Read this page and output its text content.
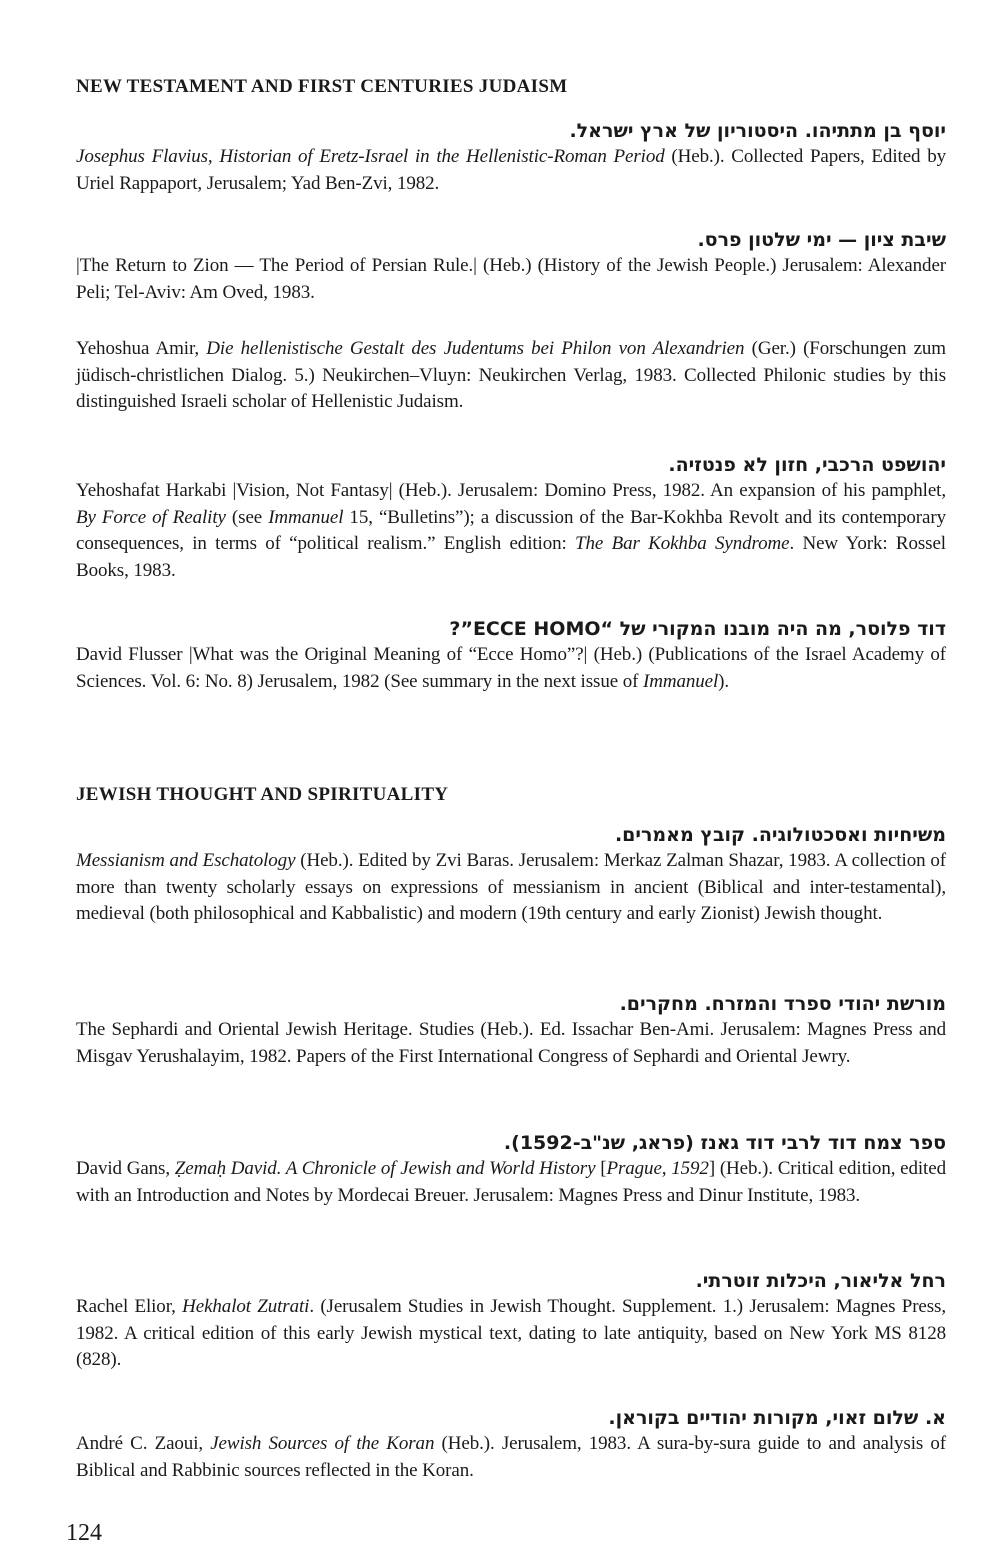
NEW TESTAMENT AND FIRST CENTURIES JUDAISM

יוסף בן מתתיהו. היסטוריון של ארץ ישראל.

Josephus Flavius, Historian of Eretz-Israel in the Hellenistic-Roman Period (Heb.). Collected Papers, Edited by Uriel Rappaport, Jerusalem; Yad Ben-Zvi, 1982.

שיבת ציון — ימי שלטון פרס.

|The Return to Zion — The Period of Persian Rule.| (Heb.) (History of the Jewish People.) Jerusalem: Alexander Peli; Tel-Aviv: Am Oved, 1983.

Yehoshua Amir, Die hellenistische Gestalt des Judentums bei Philon von Alexandrien (Ger.) (Forschungen zum jüdisch-christlichen Dialog. 5.) Neukirchen–Vluyn: Neukirchen Verlag, 1983. Collected Philonic studies by this distinguished Israeli scholar of Hellenistic Judaism.

יהושפט הרכבי, חזון לא פנטזיה.

Yehoshafat Harkabi |Vision, Not Fantasy| (Heb.). Jerusalem: Domino Press, 1982. An expansion of his pamphlet, By Force of Reality (see Immanuel 15, “Bulletins”); a discussion of the Bar-Kokhba Revolt and its contemporary consequences, in terms of “political realism.” English edition: The Bar Kokhba Syndrome. New York: Rossel Books, 1983.

דוד פלוסר, מה היה מובנו המקורי של “ECCE HOMO”?

David Flusser |What was the Original Meaning of “Ecce Homo”?| (Heb.) (Publications of the Israel Academy of Sciences. Vol. 6: No. 8) Jerusalem, 1982 (See summary in the next issue of Immanuel).

JEWISH THOUGHT AND SPIRITUALITY

משיחיות ואסכטולוגיה. קובץ מאמרים.

Messianism and Eschatology (Heb.). Edited by Zvi Baras. Jerusalem: Merkaz Zalman Shazar, 1983. A collection of more than twenty scholarly essays on expressions of messianism in ancient (Biblical and inter-testamental), medieval (both philosophical and Kabbalistic) and modern (19th century and early Zionist) Jewish thought.

מורשת יהודי ספרד והמזרח. מחקרים.

The Sephardi and Oriental Jewish Heritage. Studies (Heb.). Ed. Issachar Ben-Ami. Jerusalem: Magnes Press and Misgav Yerushalayim, 1982. Papers of the First International Congress of Sephardi and Oriental Jewry.

ספר צמח דוד לרבי דוד גאנז (פראג, שנ"ב-1592).

David Gans, Ẓemaḥ David. A Chronicle of Jewish and World History [Prague, 1592] (Heb.). Critical edition, edited with an Introduction and Notes by Mordecai Breuer. Jerusalem: Magnes Press and Dinur Institute, 1983.

רחל אליאור, היכלות זוטרתי.

Rachel Elior, Hekhalot Zutrati. (Jerusalem Studies in Jewish Thought. Supplement. 1.) Jerusalem: Magnes Press, 1982. A critical edition of this early Jewish mystical text, dating to late antiquity, based on New York MS 8128 (828).

א. שלום זאוי, מקורות יהודיים בקוראן.

André C. Zaoui, Jewish Sources of the Koran (Heb.). Jerusalem, 1983. A sura-by-sura guide to and analysis of Biblical and Rabbinic sources reflected in the Koran.

124
